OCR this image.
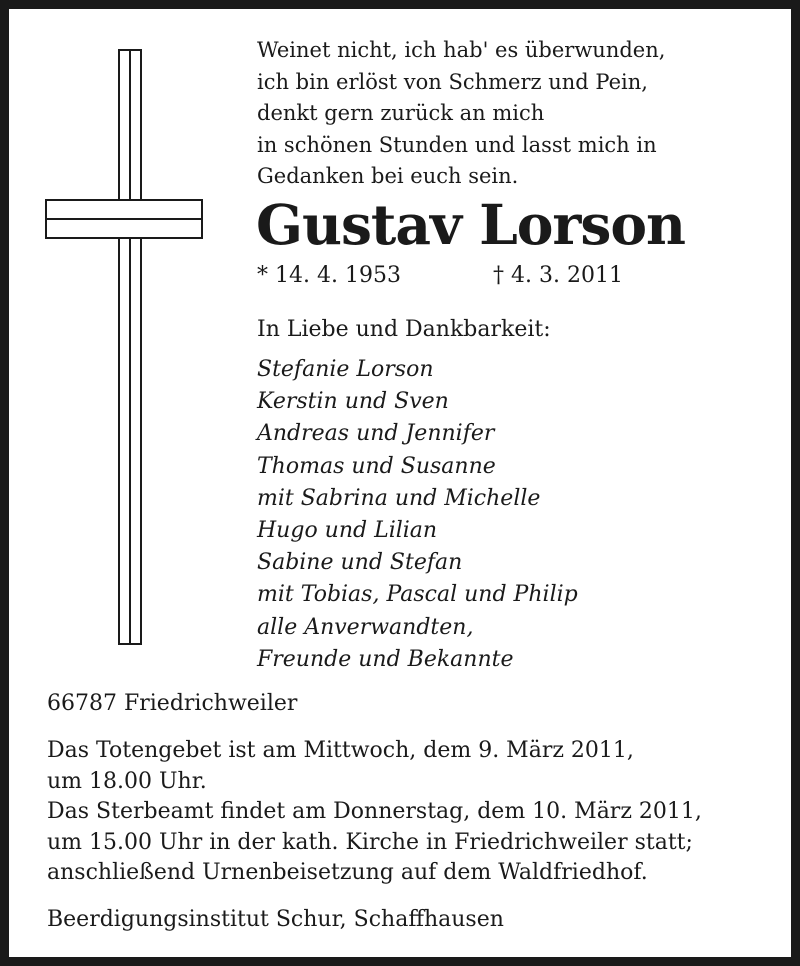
Weinet nicht, ich hab' es überwunden,
ich bin erlöst von Schmerz und Pein,
denkt gern zurück an mich
in schönen Stunden und lasst mich in
Gedanken bei euch sein.
Gustav Lorson
* 14. 4. 1953	† 4. 3. 2011
In Liebe und Dankbarkeit:
Stefanie Lorson
Kerstin und Sven
Andreas und Jennifer
Thomas und Susanne
mit Sabrina und Michelle
Hugo und Lilian
Sabine und Stefan
mit Tobias, Pascal und Philip
alle Anverwandten,
Freunde und Bekannte
66787 Friedrichweiler
Das Totengebet ist am Mittwoch, dem 9. März 2011,
um 18.00 Uhr.
Das Sterbeamt findet am Donnerstag, dem 10. März 2011,
um 15.00 Uhr in der kath. Kirche in Friedrichweiler statt;
anschließend Urnenbeisetzung auf dem Waldfriedhof.
Beerdigungsinstitut Schur, Schaffhausen
